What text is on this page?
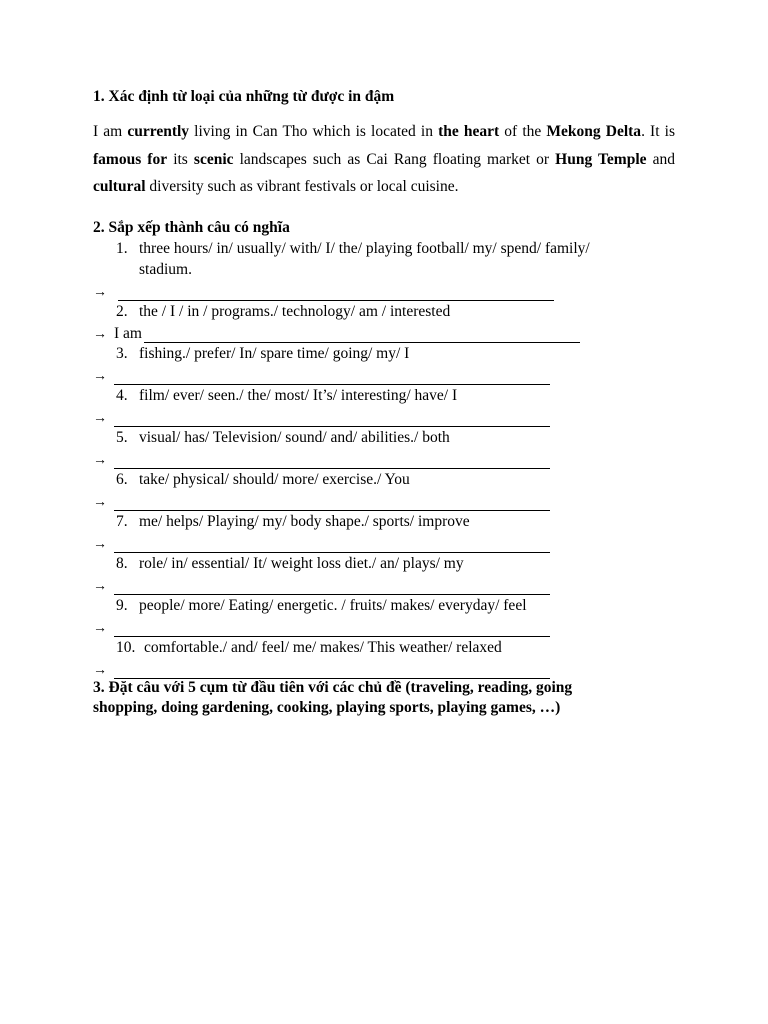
1. Xác định từ loại của những từ được in đậm
I am currently living in Can Tho which is located in the heart of the Mekong Delta. It is famous for its scenic landscapes such as Cai Rang floating market or Hung Temple and cultural diversity such as vibrant festivals or local cuisine.
2. Sắp xếp thành câu có nghĩa
3. Đặt câu với 5 cụm từ đầu tiên với các chủ đề (traveling, reading, going
shopping, doing gardening, cooking, playing sports, playing games, …)
1. three hours/ in/ usually/ with/ I/ the/ playing football/ my/ spend/ family/
stadium.
→
2. the / I / in / programs./ technology/ am / interested
→ I am
3. fishing./ prefer/ In/ spare time/ going/ my/ I
→
4. film/ ever/ seen./ the/ most/ It’s/ interesting/ have/ I
→
5. visual/ has/ Television/ sound/ and/ abilities./ both
→
6. take/ physical/ should/ more/ exercise./ You
→
7. me/ helps/ Playing/ my/ body shape./ sports/ improve
→
8. role/ in/ essential/ It/ weight loss diet./ an/ plays/ my
→
9. people/ more/ Eating/ energetic. / fruits/ makes/ everyday/ feel
→
10. comfortable./ and/ feel/ me/ makes/ This weather/ relaxed
→
